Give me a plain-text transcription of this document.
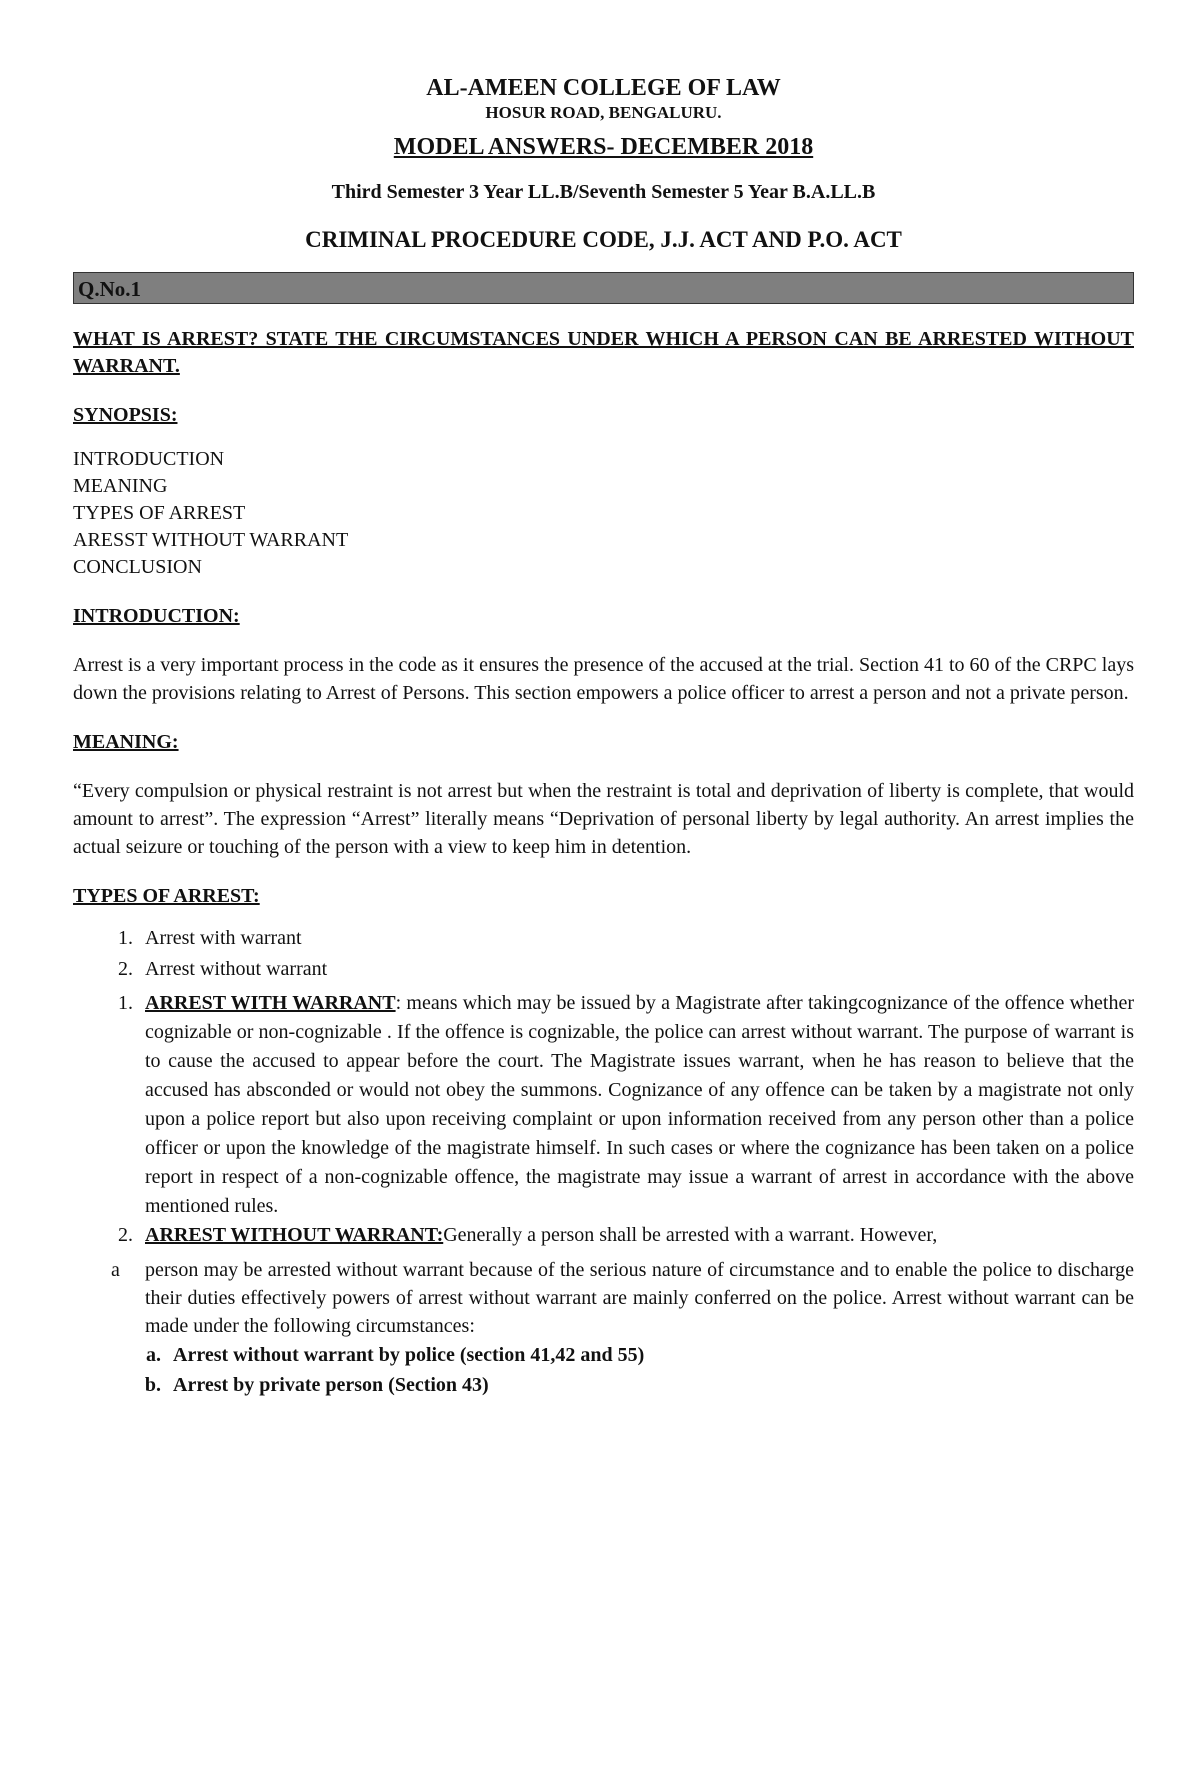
AL-AMEEN COLLEGE OF LAW
HOSUR ROAD, BENGALURU.
MODEL ANSWERS- DECEMBER 2018
Third Semester 3 Year LL.B/Seventh Semester 5 Year B.A.LL.B
CRIMINAL PROCEDURE CODE, J.J. ACT AND P.O. ACT
Q.No.1
WHAT IS ARREST? STATE THE CIRCUMSTANCES UNDER WHICH A PERSON CAN BE ARRESTED WITHOUT WARRANT.
SYNOPSIS:
INTRODUCTION
MEANING
TYPES OF ARREST
ARESST WITHOUT WARRANT
CONCLUSION
INTRODUCTION:
Arrest is a very important process in the code as it ensures the presence of the accused at the trial. Section 41 to 60 of the CRPC lays down the provisions relating to Arrest of Persons. This section empowers a police officer to arrest a person and not a private person.
MEANING:
“Every compulsion or physical restraint is not arrest but when the restraint is total and deprivation of liberty is complete, that would amount to arrest”. The expression “Arrest” literally means “Deprivation of personal liberty by legal authority. An arrest implies the actual seizure or touching of the person with a view to keep him in detention.
TYPES OF ARREST:
1. Arrest with warrant
2. Arrest without warrant
1. ARREST WITH WARRANT: means which may be issued by a Magistrate after takingcognizance of the offence whether cognizable or non-cognizable . If the offence is cognizable, the police can arrest without warrant. The purpose of warrant is to cause the accused to appear before the court. The Magistrate issues warrant, when he has reason to believe that the accused has absconded or would not obey the summons. Cognizance of any offence can be taken by a magistrate not only upon a police report but also upon receiving complaint or upon information received from any person other than a police officer or upon the knowledge of the magistrate himself. In such cases or where the cognizance has been taken on a police report in respect of a non-cognizable offence, the magistrate may issue a warrant of arrest in accordance with the above mentioned rules.
2. ARREST WITHOUT WARRANT:Generally a person shall be arrested with a warrant. However,
a	person may be arrested without warrant because of the serious nature of circumstance and to enable the police to discharge their duties effectively powers of arrest without warrant are mainly conferred on the police. Arrest without warrant can be made under the following circumstances:
a. Arrest without warrant by police (section 41,42 and 55)
b. Arrest by private person (Section 43)
